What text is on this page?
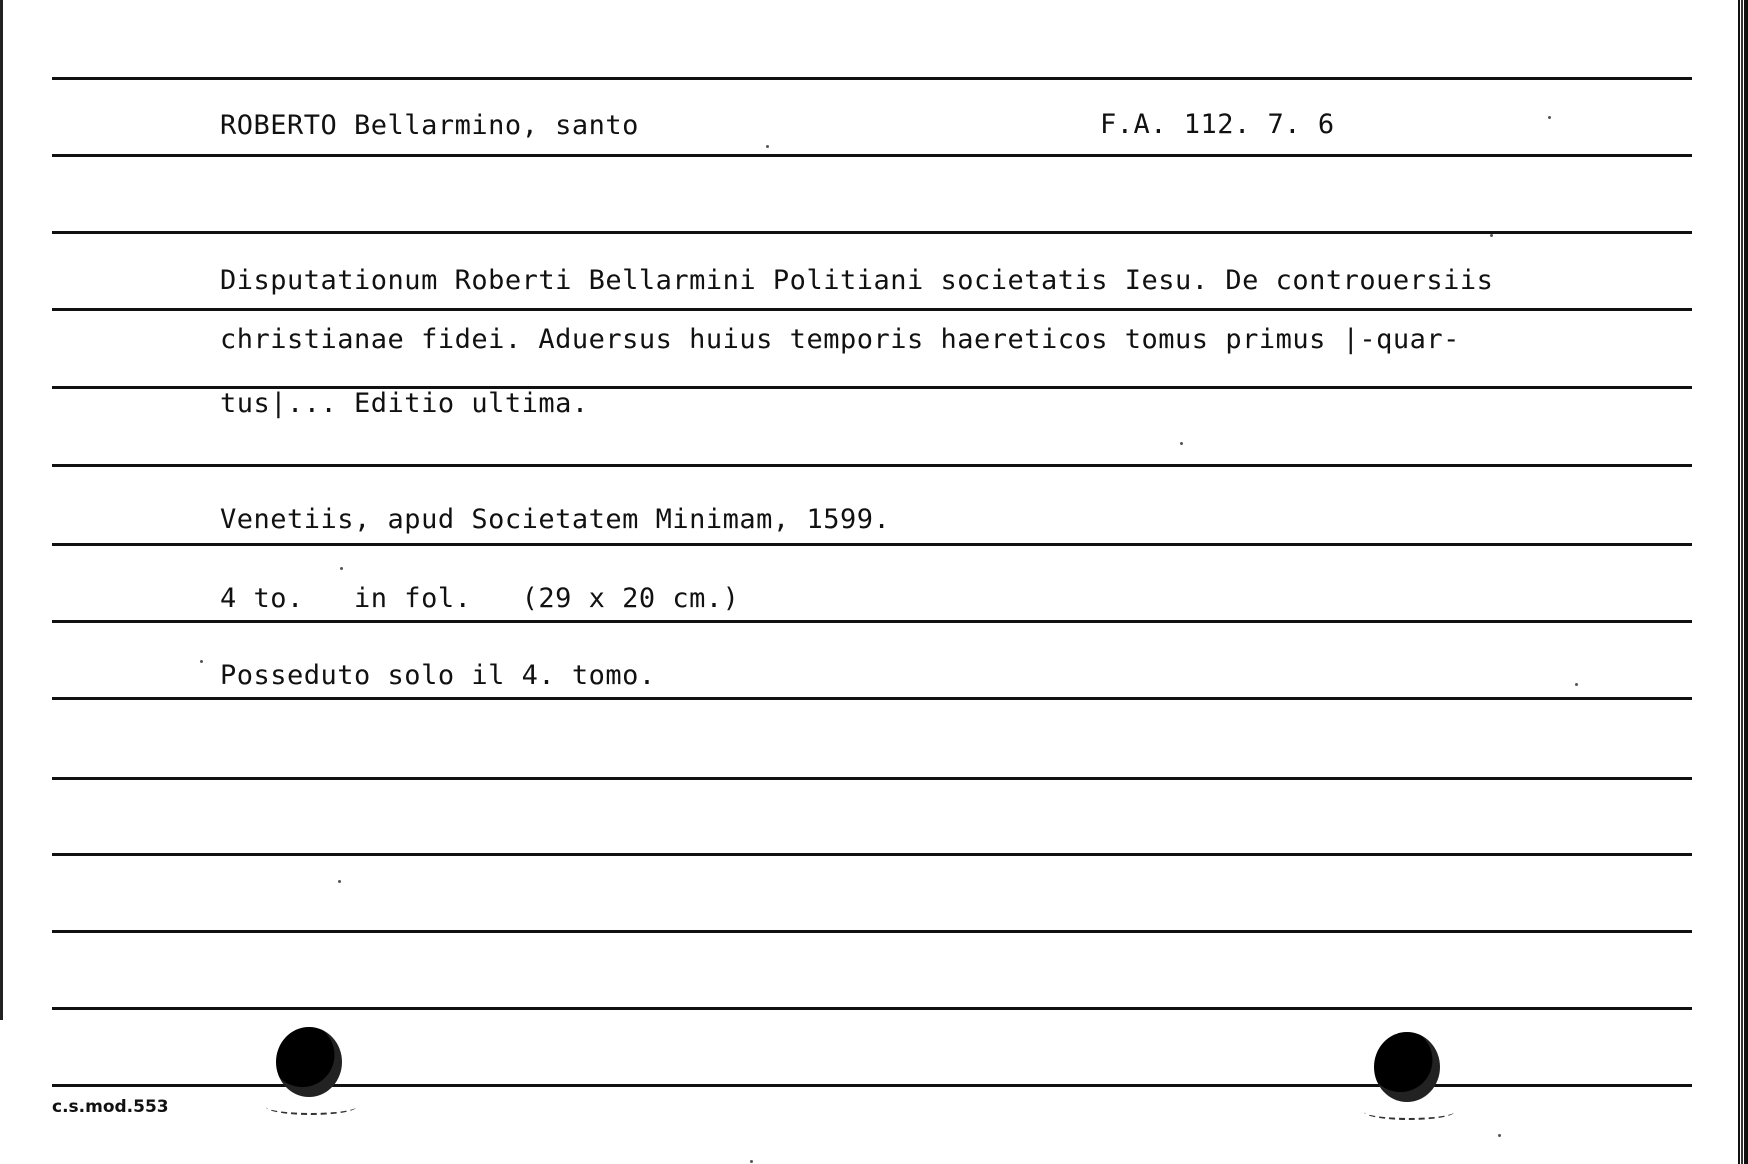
ROBERTO Bellarmino, santo	F.A. 112. 7. 6
Disputationum Roberti Bellarmini Politiani societatis Iesu. De controuersiis
christianae fidei. Aduersus huius temporis haereticos tomus primus |-quar-
tus|... Editio ultima.
Venetiis, apud Societatem Minimam, 1599.
4 to.   in fol.   (29 x 20 cm.)
Posseduto solo il 4. tomo.
c.s.mod.553
